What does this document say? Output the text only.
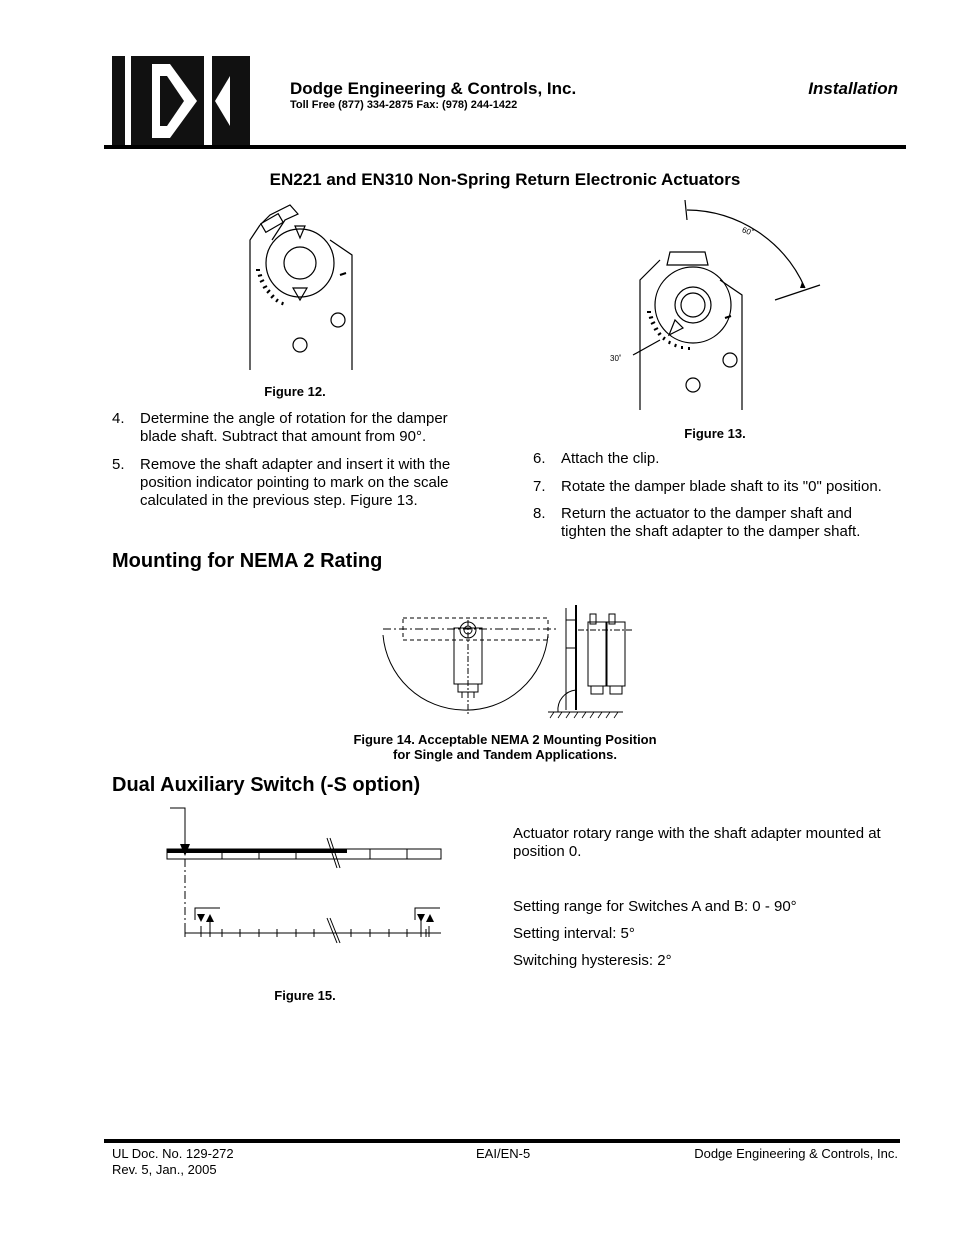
Dodge Engineering & Controls, Inc.
Toll Free (877) 334-2875 Fax: (978) 244-1422
Installation
EN221 and EN310 Non-Spring Return Electronic Actuators
Figure 12.
60˚
30˚
Figure 13.
4. Determine the angle of rotation for the damper
blade shaft. Subtract that amount from 90°.
5. Remove the shaft adapter and insert it with the
position indicator pointing to mark on the scale
calculated in the previous step. Figure 13.
6. Attach the clip.
7. Rotate the damper blade shaft to its "0" position.
8. Return the actuator to the damper shaft and
tighten the shaft adapter to the damper shaft.
Mounting for NEMA 2 Rating
Figure 14. Acceptable NEMA 2 Mounting Position
for Single and Tandem Applications.
Dual Auxiliary Switch (-S option)
Figure 15.
Actuator rotary range with the shaft adapter mounted at
position 0.
Setting range for Switches A and B: 0 - 90°
Setting interval: 5°
Switching hysteresis: 2°
UL Doc. No. 129-272
Rev. 5, Jan., 2005
EAI/EN-5	Dodge Engineering & Controls, Inc.
